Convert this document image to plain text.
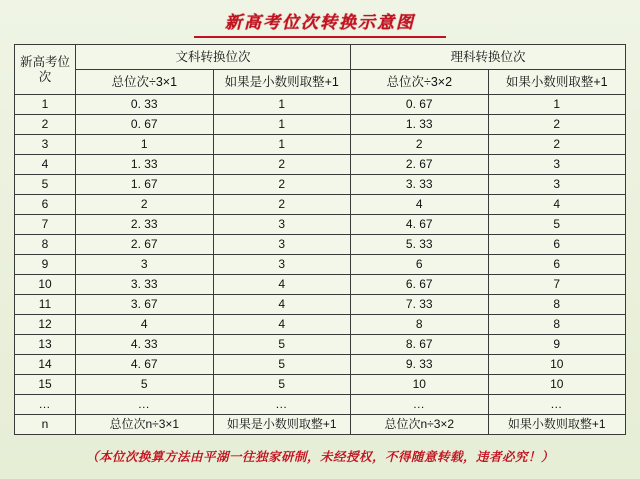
新高考位次转换示意图
新高考位次	文科转换位次		理科转换位次	
	总位次÷3×1	如果是小数则取整+1	总位次÷3×2	如果小数则取整+1
1	0. 33	1	0. 67	1
2	0. 67	1	1. 33	2
3	1	1	2	2
4	1. 33	2	2. 67	3
5	1. 67	2	3. 33	3
6	2	2	4	4
7	2. 33	3	4. 67	5
8	2. 67	3	5. 33	6
9	3	3	6	6
10	3. 33	4	6. 67	7
11	3. 67	4	7. 33	8
12	4	4	8	8
13	4. 33	5	8. 67	9
14	4. 67	5	9. 33	10
15	5	5	10	10
…	…	…	…	…
n	总位次n÷3×1	如果是小数则取整+1	总位次n÷3×2	如果小数则取整+1
（本位次换算方法由平湖一往独家研制，未经授权，不得随意转载，违者必究！）
